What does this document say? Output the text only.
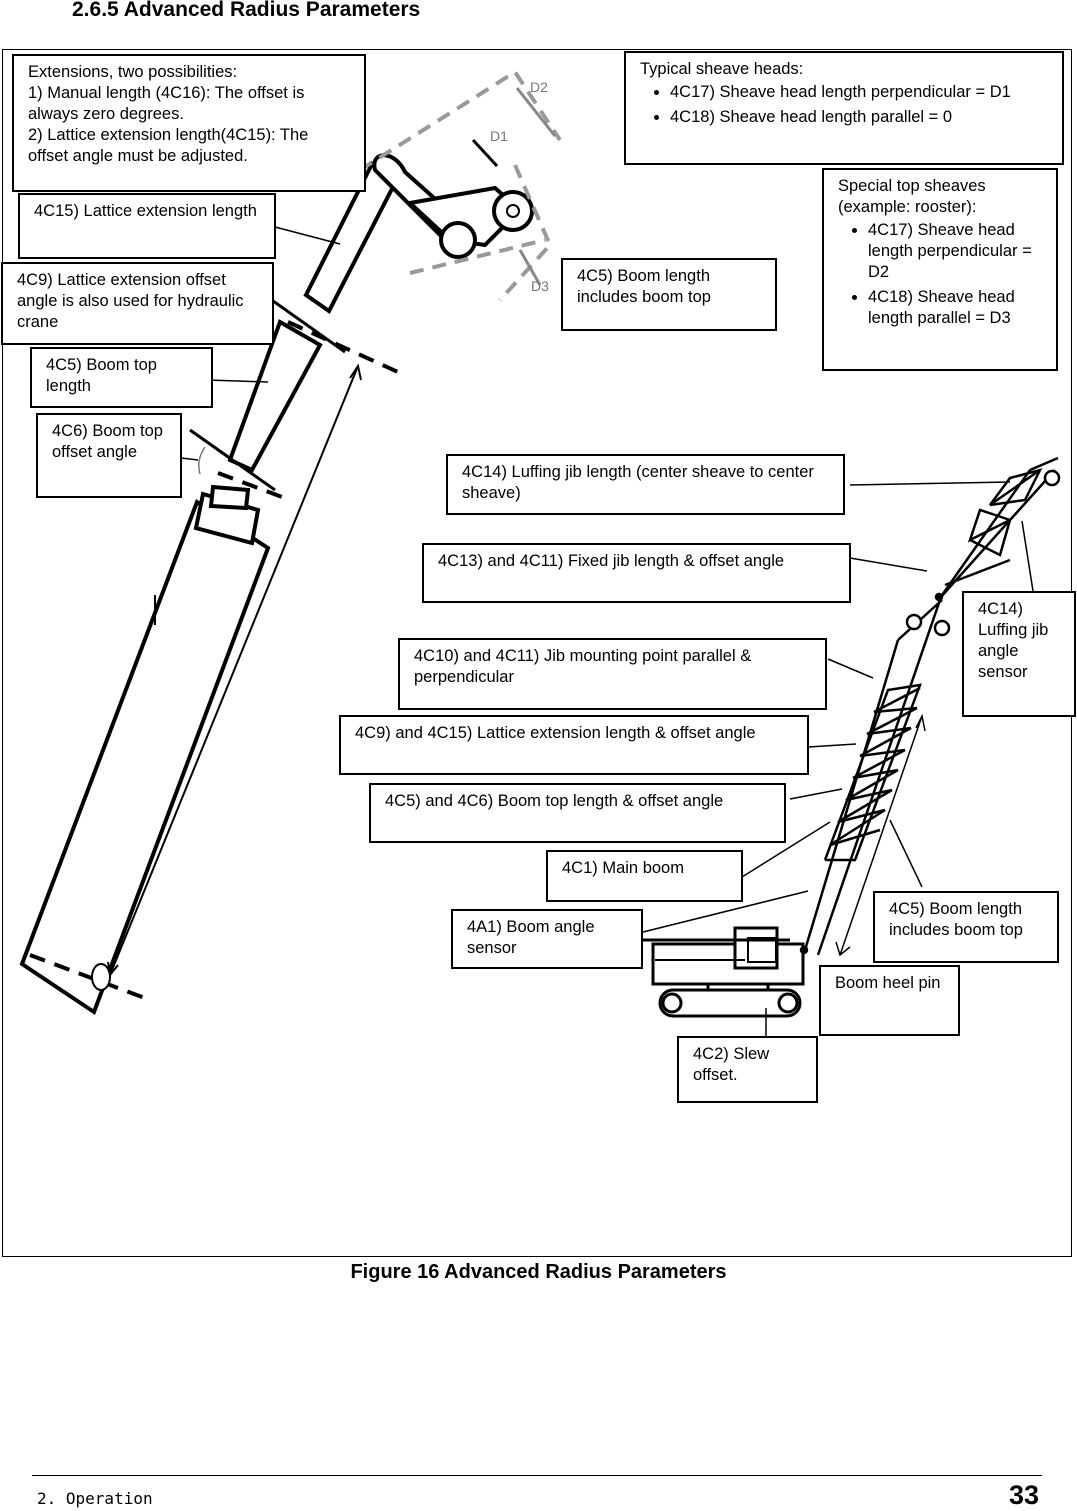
2.6.5 Advanced Radius Parameters
D2
D1
D3
Extensions, two possibilities:
1) Manual length (4C16): The offset is always zero degrees.
2) Lattice extension length(4C15): The offset angle must be adjusted.
Typical sheave heads:
• 4C17) Sheave head length perpendicular = D1
• 4C18) Sheave head length parallel = 0
Special top sheaves (example: rooster):
• 4C17) Sheave head length perpendicular = D2
• 4C18) Sheave head length parallel = D3
4C15) Lattice extension length
4C9) Lattice extension offset angle is also used for hydraulic crane
4C5) Boom length includes boom top
4C5) Boom top length
4C6) Boom top offset angle
4C14) Luffing jib length (center sheave to center sheave)
4C13) and 4C11) Fixed jib length & offset angle
4C14) Luffing jib angle sensor
4C10) and 4C11) Jib mounting point parallel & perpendicular
4C9) and 4C15) Lattice extension length & offset angle
4C5) and 4C6) Boom top length & offset angle
4C1) Main boom
4C5) Boom length includes boom top
4A1) Boom angle sensor
Boom heel pin
4C2) Slew offset.
Figure 16 Advanced Radius Parameters
2. Operation	33
